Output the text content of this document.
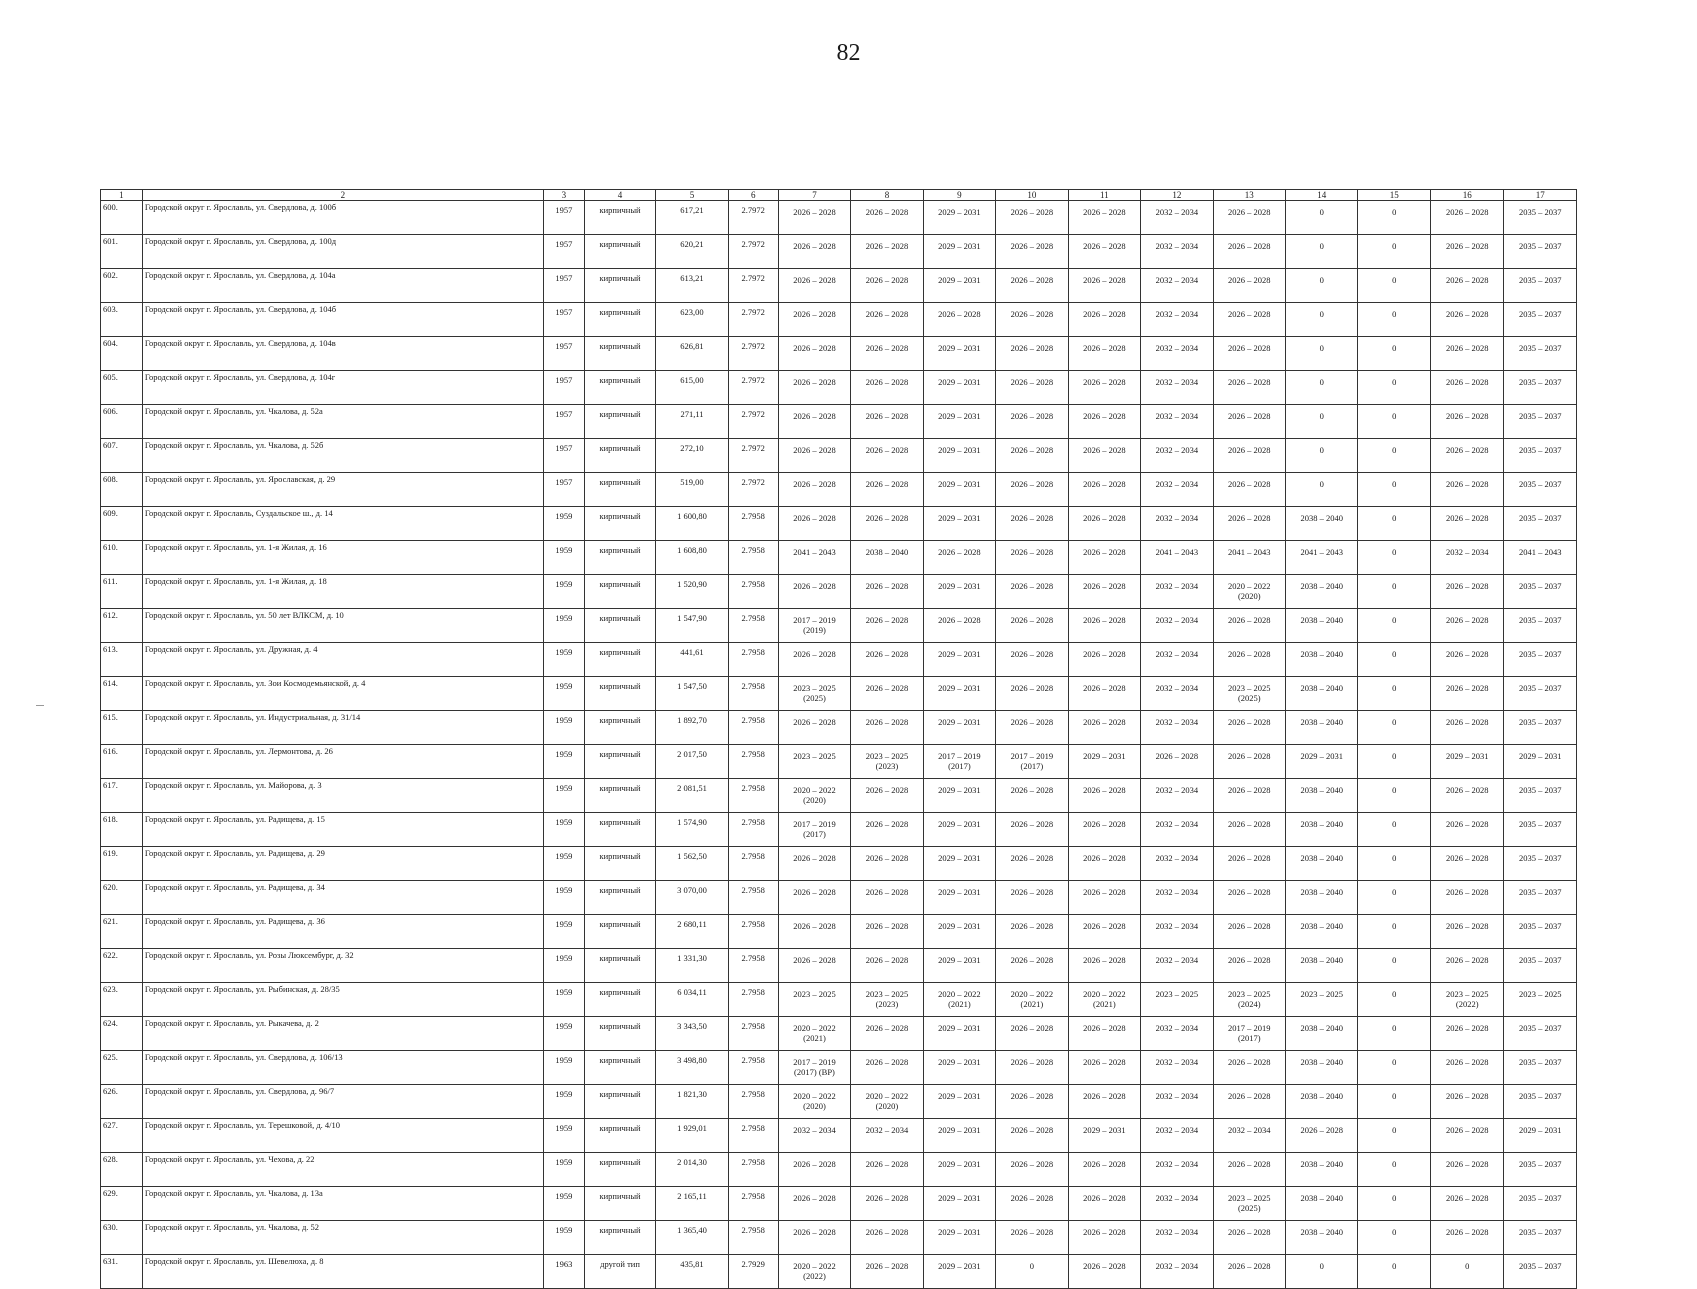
82
1	2	3	4	5	6	7	8	9	10	11	12	13	14	15	16	17

600.	Городской округ г. Ярославль, ул. Свердлова, д. 100б	1957	кирпичный	617,21	2.7972	2026 – 2028	2026 – 2028	2029 – 2031	2026 – 2028	2026 – 2028	2032 – 2034	2026 – 2028	0	0	2026 – 2028	2035 – 2037

601.	Городской округ г. Ярославль, ул. Свердлова, д. 100д	1957	кирпичный	620,21	2.7972	2026 – 2028	2026 – 2028	2029 – 2031	2026 – 2028	2026 – 2028	2032 – 2034	2026 – 2028	0	0	2026 – 2028	2035 – 2037

602.	Городской округ г. Ярославль, ул. Свердлова, д. 104а	1957	кирпичный	613,21	2.7972	2026 – 2028	2026 – 2028	2029 – 2031	2026 – 2028	2026 – 2028	2032 – 2034	2026 – 2028	0	0	2026 – 2028	2035 – 2037

603.	Городской округ г. Ярославль, ул. Свердлова, д. 104б	1957	кирпичный	623,00	2.7972	2026 – 2028	2026 – 2028	2026 – 2028	2026 – 2028	2026 – 2028	2032 – 2034	2026 – 2028	0	0	2026 – 2028	2035 – 2037

604.	Городской округ г. Ярославль, ул. Свердлова, д. 104в	1957	кирпичный	626,81	2.7972	2026 – 2028	2026 – 2028	2029 – 2031	2026 – 2028	2026 – 2028	2032 – 2034	2026 – 2028	0	0	2026 – 2028	2035 – 2037

605.	Городской округ г. Ярославль, ул. Свердлова, д. 104г	1957	кирпичный	615,00	2.7972	2026 – 2028	2026 – 2028	2029 – 2031	2026 – 2028	2026 – 2028	2032 – 2034	2026 – 2028	0	0	2026 – 2028	2035 – 2037

606.	Городской округ г. Ярославль, ул. Чкалова, д. 52а	1957	кирпичный	271,11	2.7972	2026 – 2028	2026 – 2028	2029 – 2031	2026 – 2028	2026 – 2028	2032 – 2034	2026 – 2028	0	0	2026 – 2028	2035 – 2037

607.	Городской округ г. Ярославль, ул. Чкалова, д. 52б	1957	кирпичный	272,10	2.7972	2026 – 2028	2026 – 2028	2029 – 2031	2026 – 2028	2026 – 2028	2032 – 2034	2026 – 2028	0	0	2026 – 2028	2035 – 2037

608.	Городской округ г. Ярославль, ул. Ярославская, д. 29	1957	кирпичный	519,00	2.7972	2026 – 2028	2026 – 2028	2029 – 2031	2026 – 2028	2026 – 2028	2032 – 2034	2026 – 2028	0	0	2026 – 2028	2035 – 2037

609.	Городской округ г. Ярославль, Суздальское ш., д. 14	1959	кирпичный	1 600,80	2.7958	2026 – 2028	2026 – 2028	2029 – 2031	2026 – 2028	2026 – 2028	2032 – 2034	2026 – 2028	2038 – 2040	0	2026 – 2028	2035 – 2037

610.	Городской округ г. Ярославль, ул. 1-я Жилая, д. 16	1959	кирпичный	1 608,80	2.7958	2041 – 2043	2038 – 2040	2026 – 2028	2026 – 2028	2026 – 2028	2041 – 2043	2041 – 2043	2041 – 2043	0	2032 – 2034	2041 – 2043

611.	Городской округ г. Ярославль, ул. 1-я Жилая, д. 18	1959	кирпичный	1 520,90	2.7958	2026 – 2028	2026 – 2028	2029 – 2031	2026 – 2028	2026 – 2028	2032 – 2034	2020 – 2022
(2020)	2038 – 2040	0	2026 – 2028	2035 – 2037

612.	Городской округ г. Ярославль, ул. 50 лет ВЛКСМ, д. 10	1959	кирпичный	1 547,90	2.7958	2017 – 2019
(2019)	2026 – 2028	2026 – 2028	2026 – 2028	2026 – 2028	2032 – 2034	2026 – 2028	2038 – 2040	0	2026 – 2028	2035 – 2037

613.	Городской округ г. Ярославль, ул. Дружная, д. 4	1959	кирпичный	441,61	2.7958	2026 – 2028	2026 – 2028	2029 – 2031	2026 – 2028	2026 – 2028	2032 – 2034	2026 – 2028	2038 – 2040	0	2026 – 2028	2035 – 2037

614.	Городской округ г. Ярославль, ул. Зои Космодемьянской, д. 4	1959	кирпичный	1 547,50	2.7958	2023 – 2025
(2025)	2026 – 2028	2029 – 2031	2026 – 2028	2026 – 2028	2032 – 2034	2023 – 2025
(2025)	2038 – 2040	0	2026 – 2028	2035 – 2037

615.	Городской округ г. Ярославль, ул. Индустриальная, д. 31/14	1959	кирпичный	1 892,70	2.7958	2026 – 2028	2026 – 2028	2029 – 2031	2026 – 2028	2026 – 2028	2032 – 2034	2026 – 2028	2038 – 2040	0	2026 – 2028	2035 – 2037

616.	Городской округ г. Ярославль, ул. Лермонтова, д. 26	1959	кирпичный	2 017,50	2.7958	2023 – 2025	2023 – 2025
(2023)	2017 – 2019
(2017)	2017 – 2019
(2017)	2029 – 2031	2026 – 2028	2026 – 2028	2029 – 2031	0	2029 – 2031	2029 – 2031

617.	Городской округ г. Ярославль, ул. Майорова, д. 3	1959	кирпичный	2 081,51	2.7958	2020 – 2022
(2020)	2026 – 2028	2029 – 2031	2026 – 2028	2026 – 2028	2032 – 2034	2026 – 2028	2038 – 2040	0	2026 – 2028	2035 – 2037

618.	Городской округ г. Ярославль, ул. Радищева, д. 15	1959	кирпичный	1 574,90	2.7958	2017 – 2019
(2017)	2026 – 2028	2029 – 2031	2026 – 2028	2026 – 2028	2032 – 2034	2026 – 2028	2038 – 2040	0	2026 – 2028	2035 – 2037

619.	Городской округ г. Ярославль, ул. Радищева, д. 29	1959	кирпичный	1 562,50	2.7958	2026 – 2028	2026 – 2028	2029 – 2031	2026 – 2028	2026 – 2028	2032 – 2034	2026 – 2028	2038 – 2040	0	2026 – 2028	2035 – 2037

620.	Городской округ г. Ярославль, ул. Радищева, д. 34	1959	кирпичный	3 070,00	2.7958	2026 – 2028	2026 – 2028	2029 – 2031	2026 – 2028	2026 – 2028	2032 – 2034	2026 – 2028	2038 – 2040	0	2026 – 2028	2035 – 2037

621.	Городской округ г. Ярославль, ул. Радищева, д. 36	1959	кирпичный	2 680,11	2.7958	2026 – 2028	2026 – 2028	2029 – 2031	2026 – 2028	2026 – 2028	2032 – 2034	2026 – 2028	2038 – 2040	0	2026 – 2028	2035 – 2037

622.	Городской округ г. Ярославль, ул. Розы Люксембург, д. 32	1959	кирпичный	1 331,30	2.7958	2026 – 2028	2026 – 2028	2029 – 2031	2026 – 2028	2026 – 2028	2032 – 2034	2026 – 2028	2038 – 2040	0	2026 – 2028	2035 – 2037

623.	Городской округ г. Ярославль, ул. Рыбинская, д. 28/35	1959	кирпичный	6 034,11	2.7958	2023 – 2025	2023 – 2025
(2023)	2020 – 2022
(2021)	2020 – 2022
(2021)	2020 – 2022
(2021)	2023 – 2025	2023 – 2025
(2024)	2023 – 2025	0	2023 – 2025
(2022)	2023 – 2025

624.	Городской округ г. Ярославль, ул. Рыкачева, д. 2	1959	кирпичный	3 343,50	2.7958	2020 – 2022
(2021)	2026 – 2028	2029 – 2031	2026 – 2028	2026 – 2028	2032 – 2034	2017 – 2019
(2017)	2038 – 2040	0	2026 – 2028	2035 – 2037

625.	Городской округ г. Ярославль, ул. Свердлова, д. 106/13	1959	кирпичный	3 498,80	2.7958	2017 – 2019
(2017) (ВР)	2026 – 2028	2029 – 2031	2026 – 2028	2026 – 2028	2032 – 2034	2026 – 2028	2038 – 2040	0	2026 – 2028	2035 – 2037

626.	Городской округ г. Ярославль, ул. Свердлова, д. 96/7	1959	кирпичный	1 821,30	2.7958	2020 – 2022
(2020)	2020 – 2022
(2020)	2029 – 2031	2026 – 2028	2026 – 2028	2032 – 2034	2026 – 2028	2038 – 2040	0	2026 – 2028	2035 – 2037

627.	Городской округ г. Ярославль, ул. Терешковой, д. 4/10	1959	кирпичный	1 929,01	2.7958	2032 – 2034	2032 – 2034	2029 – 2031	2026 – 2028	2029 – 2031	2032 – 2034	2032 – 2034	2026 – 2028	0	2026 – 2028	2029 – 2031

628.	Городской округ г. Ярославль, ул. Чехова, д. 22	1959	кирпичный	2 014,30	2.7958	2026 – 2028	2026 – 2028	2029 – 2031	2026 – 2028	2026 – 2028	2032 – 2034	2026 – 2028	2038 – 2040	0	2026 – 2028	2035 – 2037

629.	Городской округ г. Ярославль, ул. Чкалова, д. 13а	1959	кирпичный	2 165,11	2.7958	2026 – 2028	2026 – 2028	2029 – 2031	2026 – 2028	2026 – 2028	2032 – 2034	2023 – 2025
(2025)	2038 – 2040	0	2026 – 2028	2035 – 2037

630.	Городской округ г. Ярославль, ул. Чкалова, д. 52	1959	кирпичный	1 365,40	2.7958	2026 – 2028	2026 – 2028	2029 – 2031	2026 – 2028	2026 – 2028	2032 – 2034	2026 – 2028	2038 – 2040	0	2026 – 2028	2035 – 2037

631.	Городской округ г. Ярославль, ул. Шевелюха, д. 8	1963	другой тип	435,81	2.7929	2020 – 2022
(2022)	2026 – 2028	2029 – 2031	0	2026 – 2028	2032 – 2034	2026 – 2028	0	0	0	2035 – 2037
